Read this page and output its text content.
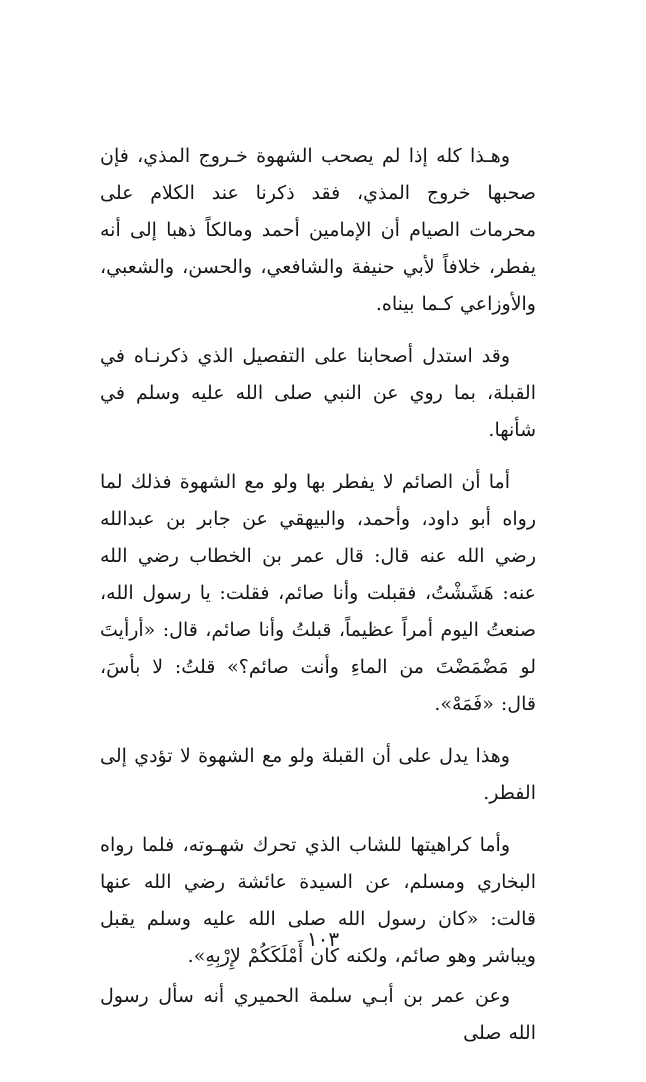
وهـذا كله إذا لم يصحب الشهوة خـروج المذي، فإن صحبها خروج المذي، فقد ذكرنا عند الكلام على محرمات الصيام أن الإمامين أحمد ومالكاً ذهبا إلى أنه يفطر، خلافاً لأبي حنيفة والشافعي، والحسن، والشعبي، والأوزاعي كـما بيناه.

وقد استدل أصحابنا على التفصيل الذي ذكرنـاه في القبلة، بما روي عن النبي صلى الله عليه وسلم في شأنها.

أما أن الصائم لا يفطر بها ولو مع الشهوة فذلك لما رواه أبو داود، وأحمد، والبيهقي عن جابر بن عبدالله رضي الله عنه قال: قال عمر بن الخطاب رضي الله عنه: هَشَشْتُ، فقبلت وأنا صائم، فقلت: يا رسول الله، صنعتُ اليوم أمراً عظيماً، قبلتُ وأنا صائم، قال: «أرأيتَ لو مَضْمَضْتَ من الماءِ وأنت صائم؟» قلتُ: لا بأسَ، قال: «فَمَهْ».

وهذا يدل على أن القبلة ولو مع الشهوة لا تؤدي إلى الفطر.

وأما كراهيتها للشاب الذي تحرك شهـوته، فلما رواه البخاري ومسلم، عن السيدة عائشة رضي الله عنها قالت: «كان رسول الله صلى الله عليه وسلم يقبل ويباشر وهو صائم، ولكنه كان أَمْلَكَكُمْ لإِرْبِهِ».

وعن عمر بن أبـي سلمة الحميري أنه سأل رسول الله صلى

١٠٣
